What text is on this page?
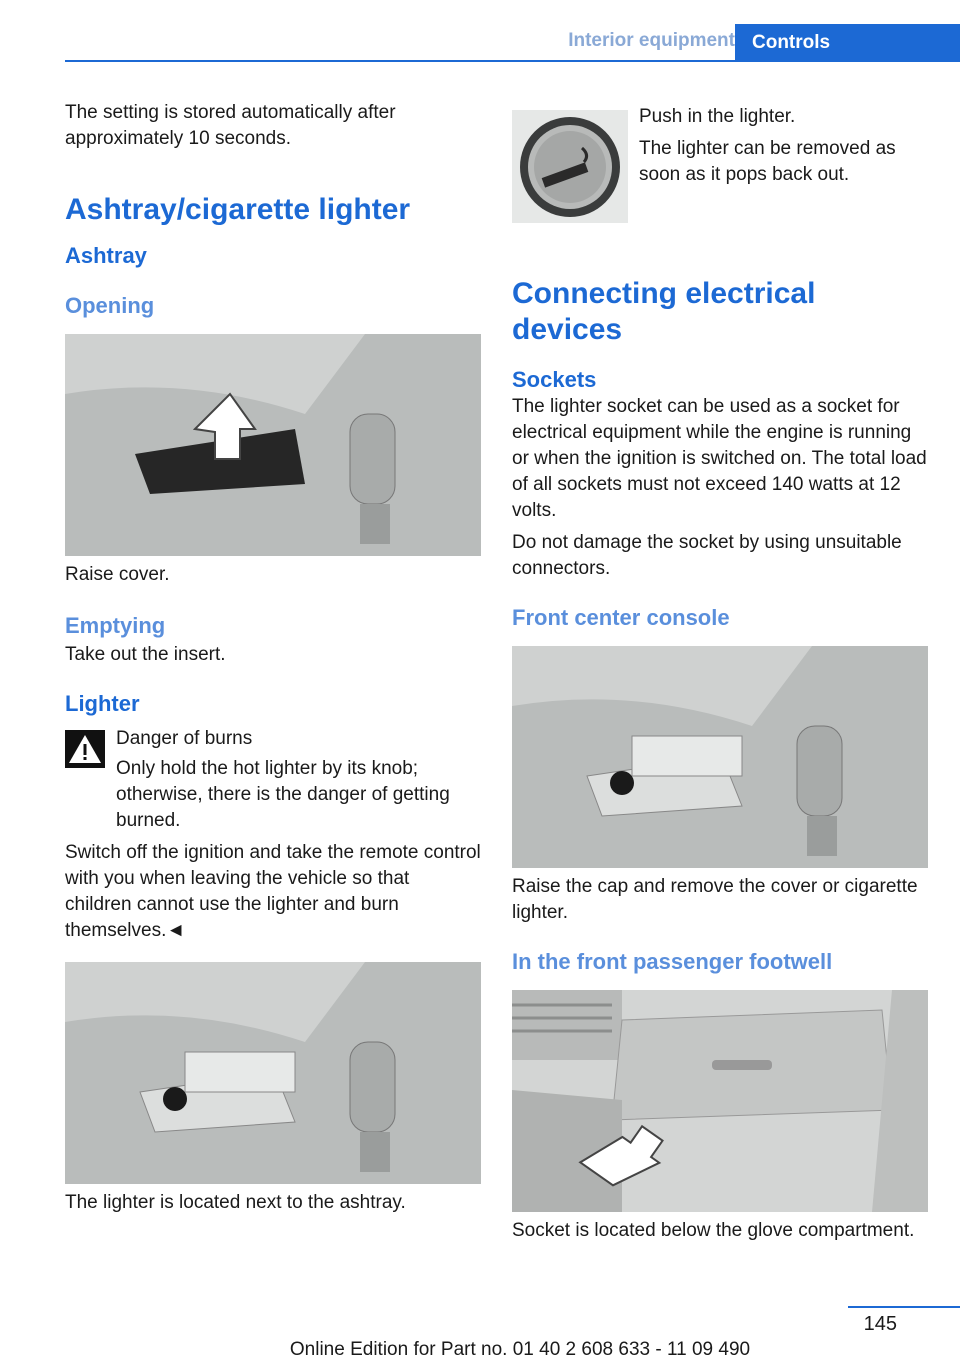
Interior equipment Controls

The setting is stored automatically after approximately 10 seconds.

Ashtray/cigarette lighter
Ashtray
Opening

Raise cover.

Emptying

Take out the insert.

Lighter

Danger of burns

Only hold the hot lighter by its knob; otherwise, there is the danger of getting burned.

Switch off the ignition and take the remote control with you when leaving the vehicle so that children cannot use the lighter and burn themselves.◄

The lighter is located next to the ashtray.

Push in the lighter.

The lighter can be removed as soon as it pops back out.

Connecting electrical devices
Sockets

The lighter socket can be used as a socket for electrical equipment while the engine is running or when the ignition is switched on. The total load of all sockets must not exceed 140 watts at 12 volts.

Do not damage the socket by using unsuitable connectors.

Front center console

Raise the cap and remove the cover or cigarette lighter.

In the front passenger footwell

Socket is located below the glove compartment.

145
Online Edition for Part no. 01 40 2 608 633 - 11 09 490
